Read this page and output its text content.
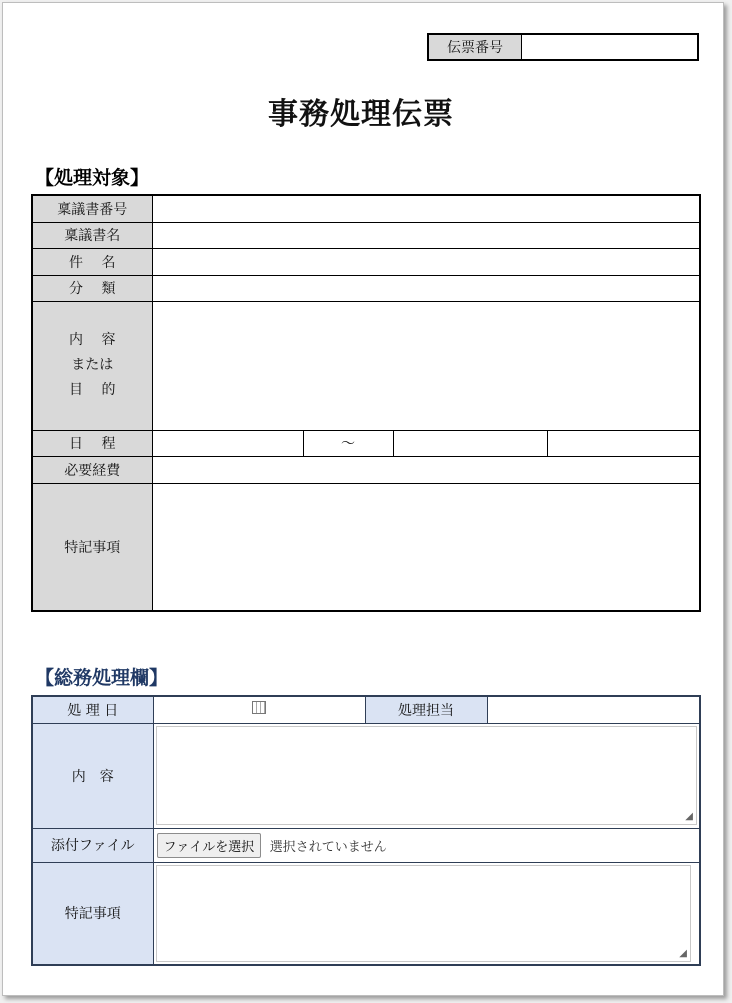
伝票番号
事務処理伝票
【処理対象】
稟議書番号				
稟議書名				
件　 名				
分　 類				

内　 容
または
目　 的				

日　 程		～		
必要経費				
特記事項				
【総務処理欄】
処 理 日		処理担当	
内　容	◢		

添付ファイル	ファイルを選択 選択されていません		
特記事項	◢		
